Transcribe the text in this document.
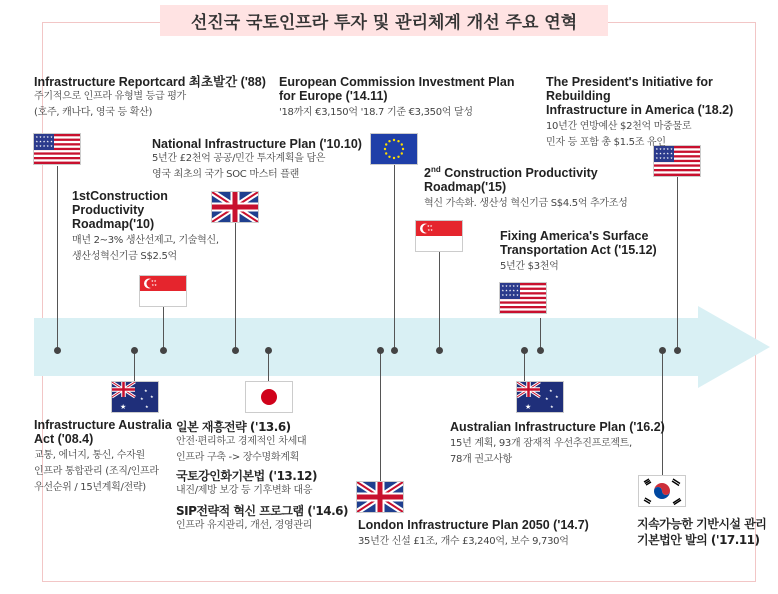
선진국 국토인프라 투자 및 관리체계 개선 주요 연혁
Infrastructure Reportcard 최초발간 ('88)
주기적으로 인프라 유형별 등급 평가
(호주, 캐나다, 영국 등 확산)
1stConstruction
Productivity
Roadmap('10)
매년 2~3% 생산선제고, 기술혁신,
생산성혁신기금 S$2.5억
National Infrastructure Plan ('10.10)
5년간 £2천억 공공/민간 투자계획을 담은
영국 최초의 국가 SOC 마스터 플랜
European Commission Investment Plan
for Europe ('14.11)
'18까지 €3,150억 '18.7 기준 €3,350억 달성
2nd Construction Productivity
Roadmap('15)
혁신 가속화. 생산성 혁신기금 S$4.5억 추가조성
Fixing America's Surface
Transportation Act ('15.12)
5년간 $3천억
The President's Initiative for Rebuilding
Infrastructure in America ('18.2)
10년간 연방예산 $2천억 마중물로
민자 등 포함 총 $1.5조 유인
Infrastructure Australia
Act ('08.4)
교통, 에너지, 통신, 수자원
인프라 통합관리 (조직/인프라
우선순위 / 15년계획/전략)
일본 재흥전략 ('13.6)
안전·편리하고 경제적인 차세대
인프라 구축 -> 장수명화계획
국토강인화기본법 ('13.12)
내진/제방 보강 등 기후변화 대응
SIP전략적 혁신 프로그램 ('14.6)
인프라 유지관리, 개선, 경영관리	London Infrastructure Plan 2050 ('14.7)
35년간 신설 £1조, 개수 £3,240억, 보수 9,730억
Australian Infrastructure Plan ('16.2)
15년 계획, 93개 잠재적 우선추진프로젝트,
78개 권고사항
지속가능한 기반시설 관리
기본법안 발의 ('17.11)
